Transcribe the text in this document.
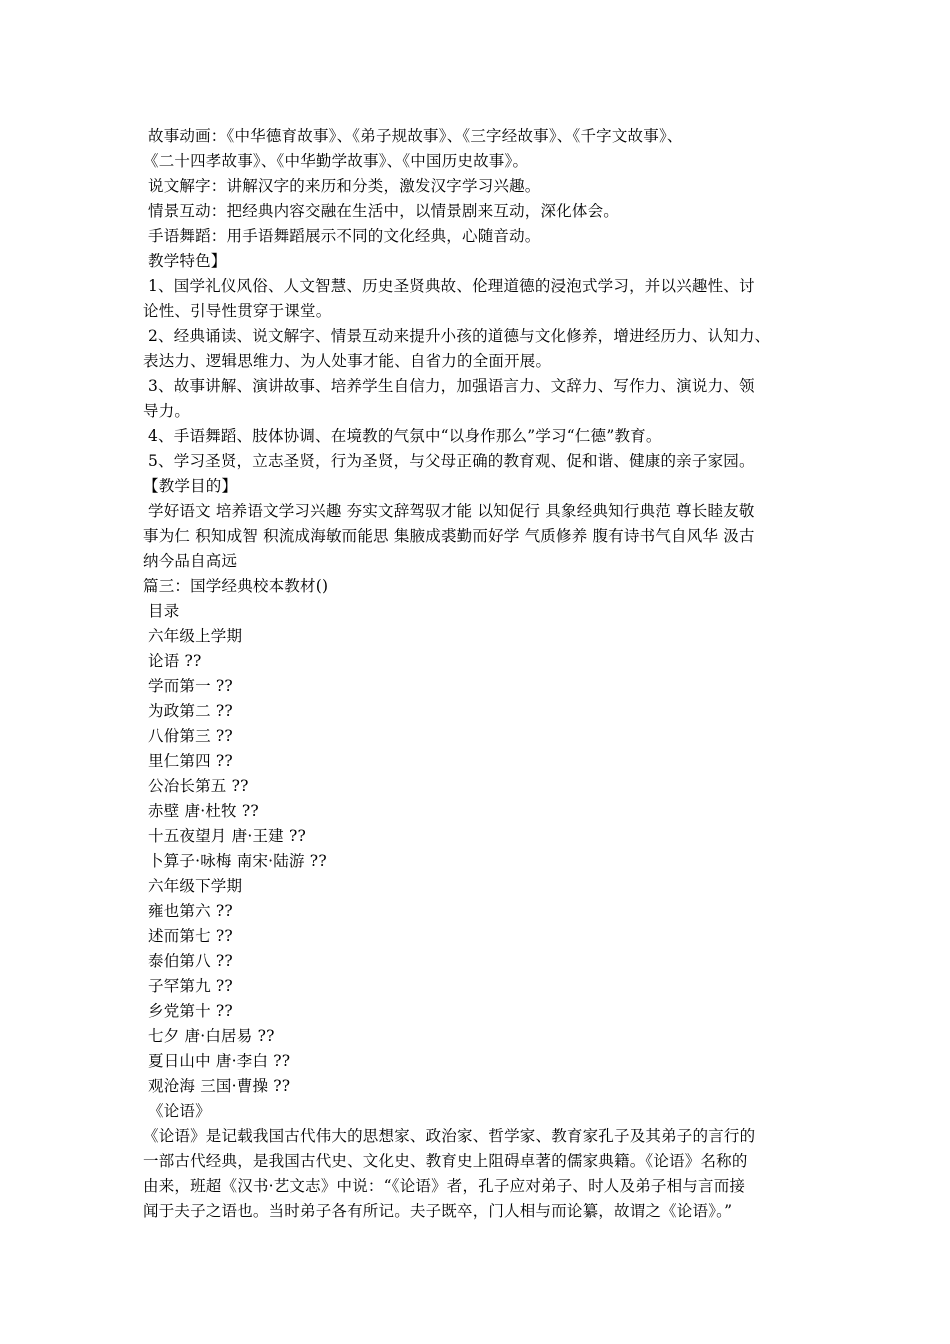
故事动画：《中华德育故事》、《弟子规故事》、《三字经故事》、《千字文故事》、
《二十四孝故事》、《中华勤学故事》、《中国历史故事》。
说文解字：讲解汉字的来历和分类，激发汉字学习兴趣。
情景互动：把经典内容交融在生活中，以情景剧来互动，深化体会。
手语舞蹈：用手语舞蹈展示不同的文化经典，心随音动。
教学特色】
1、国学礼仪风俗、人文智慧、历史圣贤典故、伦理道德的浸泡式学习，并以兴趣性、讨
论性、引导性贯穿于课堂。
2、经典诵读、说文解字、情景互动来提升小孩的道德与文化修养，增进经历力、认知力、
表达力、逻辑思维力、为人处事才能、自省力的全面开展。
3、故事讲解、演讲故事、培养学生自信力，加强语言力、文辞力、写作力、演说力、领
导力。
4、手语舞蹈、肢体协调、在境教的气氛中“以身作那么”学习“仁德”教育。
5、学习圣贤，立志圣贤，行为圣贤，与父母正确的教育观、促和谐、健康的亲子家园。
【教学目的】
学好语文 培养语文学习兴趣 夯实文辞驾驭才能 以知促行 具象经典知行典范 尊长睦友敬
事为仁 积知成智 积流成海敏而能思 集腋成裘勤而好学 气质修养 腹有诗书气自风华 汲古
纳今品自高远
篇三：国学经典校本教材()
目录
六年级上学期
论语 ??
学而第一 ??
为政第二 ??
八佾第三 ??
里仁第四 ??
公冶长第五 ??
赤壁 唐·杜牧 ??
十五夜望月 唐·王建 ??
卜算子·咏梅 南宋·陆游 ??
六年级下学期
雍也第六 ??
述而第七 ??
泰伯第八 ??
子罕第九 ??
乡党第十 ??
七夕 唐·白居易 ??
夏日山中 唐·李白 ??
观沧海 三国·曹操 ??
《论语》
《论语》是记载我国古代伟大的思想家、政治家、哲学家、教育家孔子及其弟子的言行的
一部古代经典，是我国古代史、文化史、教育史上阻碍卓著的儒家典籍。《论语》名称的
由来，班超《汉书·艺文志》中说：“《论语》者，孔子应对弟子、时人及弟子相与言而接
闻于夫子之语也。当时弟子各有所记。夫子既卒，门人相与而论纂，故谓之《论语》。”
